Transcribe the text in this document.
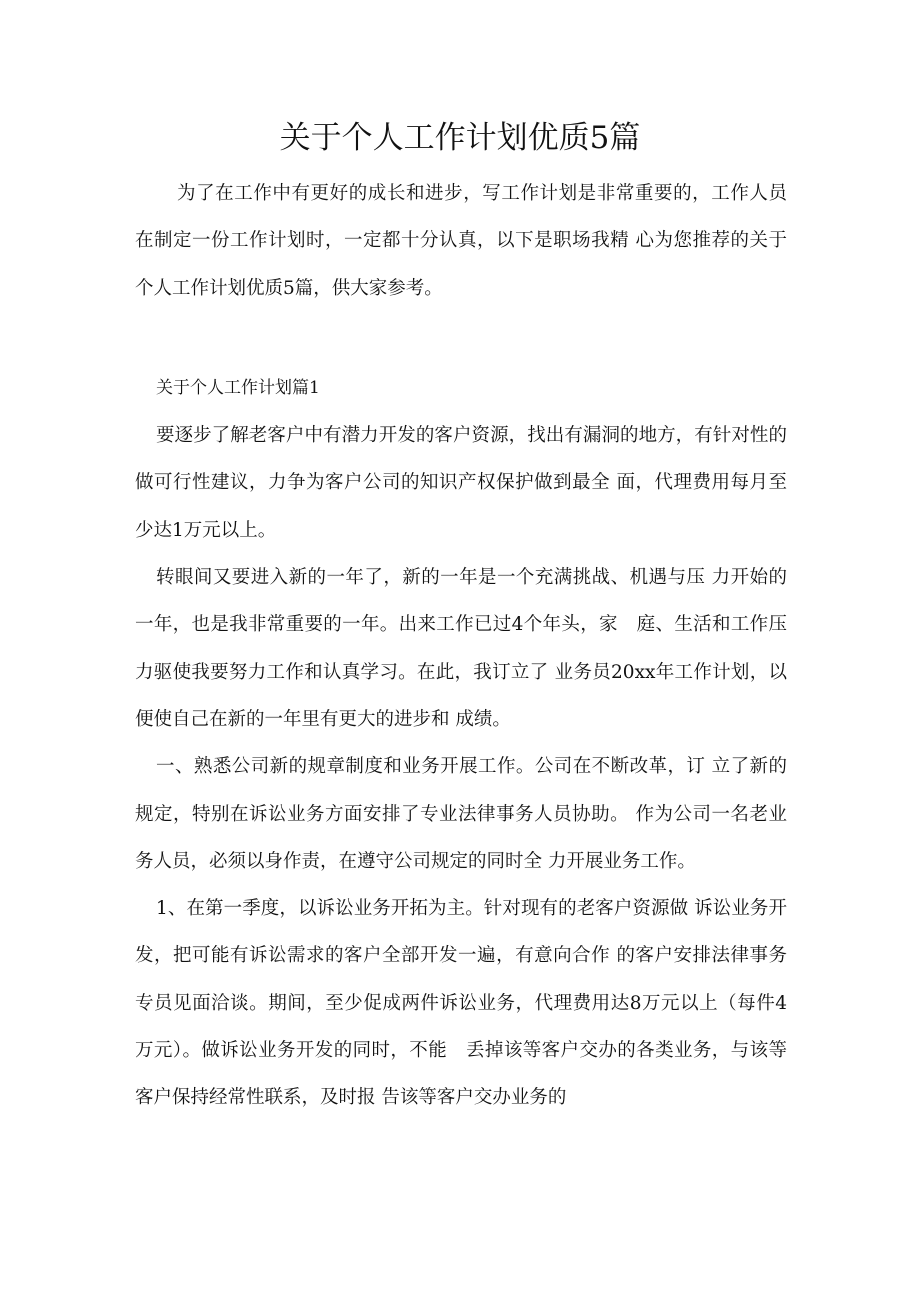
关于个人工作计划优质5篇

为了在工作中有更好的成长和进步，写工作计划是非常重要的，工作人员在制定一份工作计划时，一定都十分认真，以下是职场我精 心为您推荐的关于个人工作计划优质5篇，供大家参考。

关于个人工作计划篇1

要逐步了解老客户中有潜力开发的客户资源，找出有漏洞的地方，有针对性的做可行性建议，力争为客户公司的知识产权保护做到最全 面，代理费用每月至少达1万元以上。

转眼间又要进入新的一年了，新的一年是一个充满挑战、机遇与压 力开始的一年，也是我非常重要的一年。出来工作已过4个年头，家　庭、生活和工作压力驱使我要努力工作和认真学习。在此，我订立了 业务员20xx年工作计划，以便使自己在新的一年里有更大的进步和 成绩。

一、熟悉公司新的规章制度和业务开展工作。公司在不断改革，订 立了新的规定，特别在诉讼业务方面安排了专业法律事务人员协助。 作为公司一名老业务人员，必须以身作责，在遵守公司规定的同时全 力开展业务工作。

1、在第一季度，以诉讼业务开拓为主。针对现有的老客户资源做 诉讼业务开发，把可能有诉讼需求的客户全部开发一遍，有意向合作 的客户安排法律事务专员见面洽谈。期间，至少促成两件诉讼业务，代理费用达8万元以上（每件4万元）。做诉讼业务开发的同时，不能　丢掉该等客户交办的各类业务，与该等客户保持经常性联系，及时报 告该等客户交办业务的
